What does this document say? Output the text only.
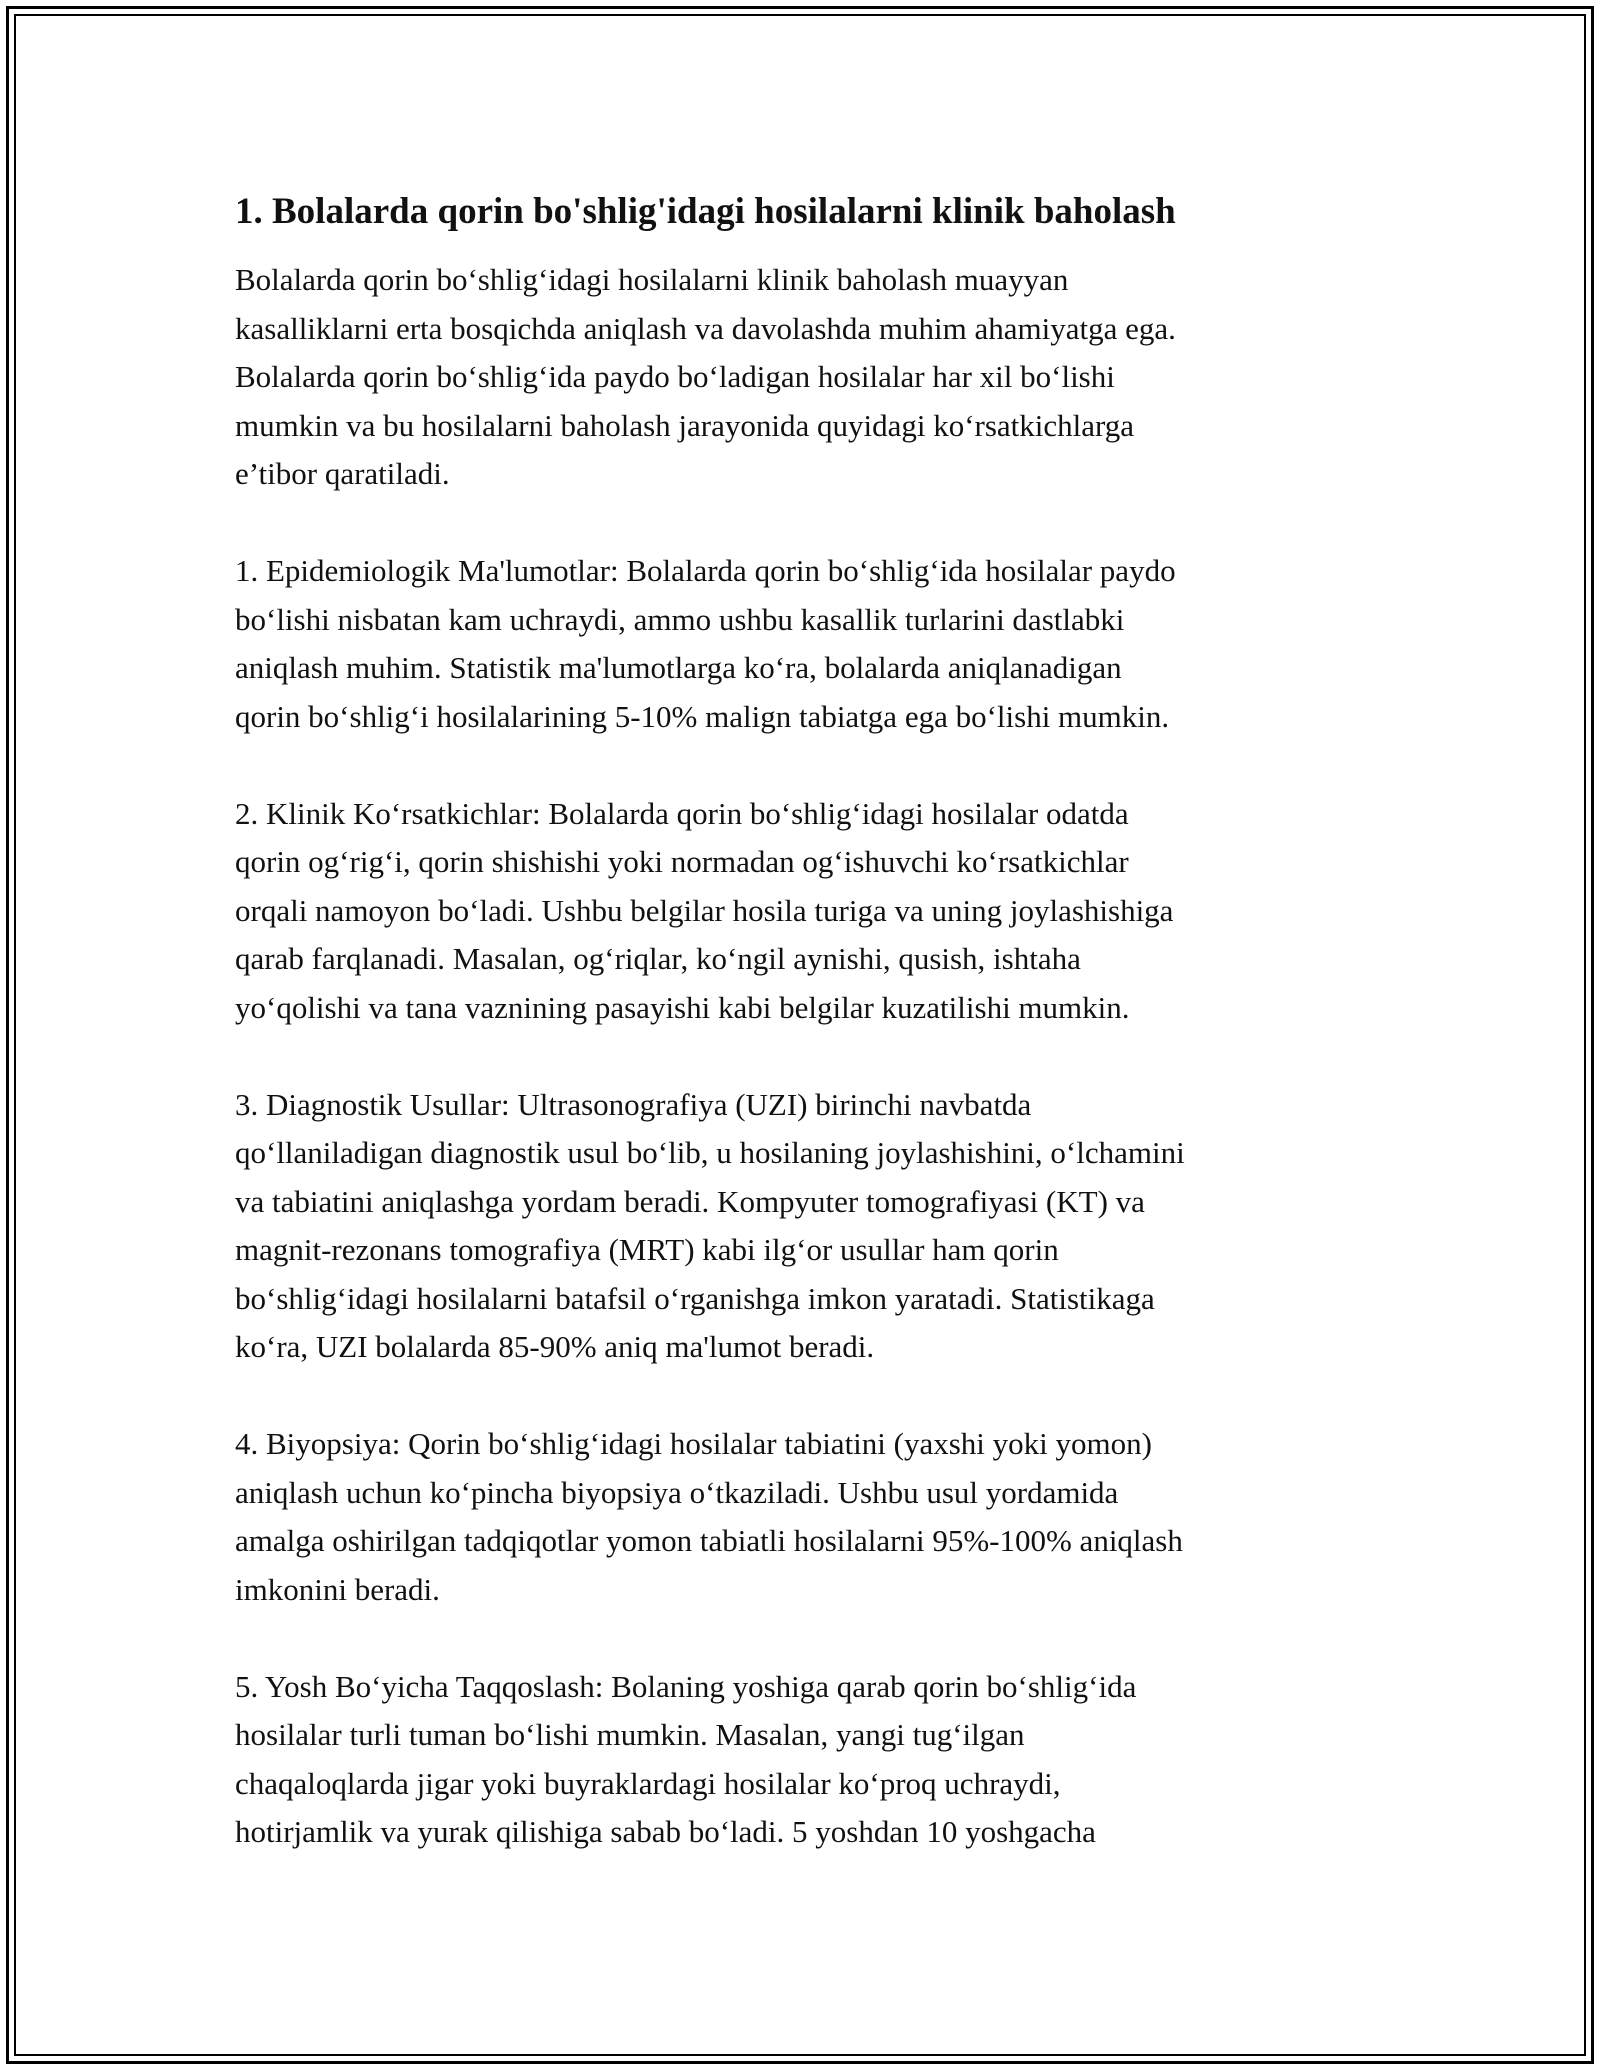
1. Bolalarda qorin bo'shlig'idagi hosilalarni klinik baholash

Bolalarda qorin bo‘shlig‘idagi hosilalarni klinik baholash muayyan
kasalliklarni erta bosqichda aniqlash va davolashda muhim ahamiyatga ega.
Bolalarda qorin bo‘shlig‘ida paydo bo‘ladigan hosilalar har xil bo‘lishi
mumkin va bu hosilalarni baholash jarayonida quyidagi ko‘rsatkichlarga
e’tibor qaratiladi.

1. Epidemiologik Ma'lumotlar: Bolalarda qorin bo‘shlig‘ida hosilalar paydo
bo‘lishi nisbatan kam uchraydi, ammo ushbu kasallik turlarini dastlabki
aniqlash muhim. Statistik ma'lumotlarga ko‘ra, bolalarda aniqlanadigan
qorin bo‘shlig‘i hosilalarining 5-10% malign tabiatga ega bo‘lishi mumkin.

2. Klinik Ko‘rsatkichlar: Bolalarda qorin bo‘shlig‘idagi hosilalar odatda
qorin og‘rig‘i, qorin shishishi yoki normadan og‘ishuvchi ko‘rsatkichlar
orqali namoyon bo‘ladi. Ushbu belgilar hosila turiga va uning joylashishiga
qarab farqlanadi. Masalan, og‘riqlar, ko‘ngil aynishi, qusish, ishtaha
yo‘qolishi va tana vaznining pasayishi kabi belgilar kuzatilishi mumkin.

3. Diagnostik Usullar: Ultrasonografiya (UZI) birinchi navbatda
qo‘llaniladigan diagnostik usul bo‘lib, u hosilaning joylashishini, o‘lchamini
va tabiatini aniqlashga yordam beradi. Kompyuter tomografiyasi (KT) va
magnit-rezonans tomografiya (MRT) kabi ilg‘or usullar ham qorin
bo‘shlig‘idagi hosilalarni batafsil o‘rganishga imkon yaratadi. Statistikaga
ko‘ra, UZI bolalarda 85-90% aniq ma'lumot beradi.

4. Biyopsiya: Qorin bo‘shlig‘idagi hosilalar tabiatini (yaxshi yoki yomon)
aniqlash uchun ko‘pincha biyopsiya o‘tkaziladi. Ushbu usul yordamida
amalga oshirilgan tadqiqotlar yomon tabiatli hosilalarni 95%-100% aniqlash
imkonini beradi.

5. Yosh Bo‘yicha Taqqoslash: Bolaning yoshiga qarab qorin bo‘shlig‘ida
hosilalar turli tuman bo‘lishi mumkin. Masalan, yangi tug‘ilgan
chaqaloqlarda jigar yoki buyraklardagi hosilalar ko‘proq uchraydi,
hotirjamlik va yurak qilishiga sabab bo‘ladi. 5 yoshdan 10 yoshgacha
